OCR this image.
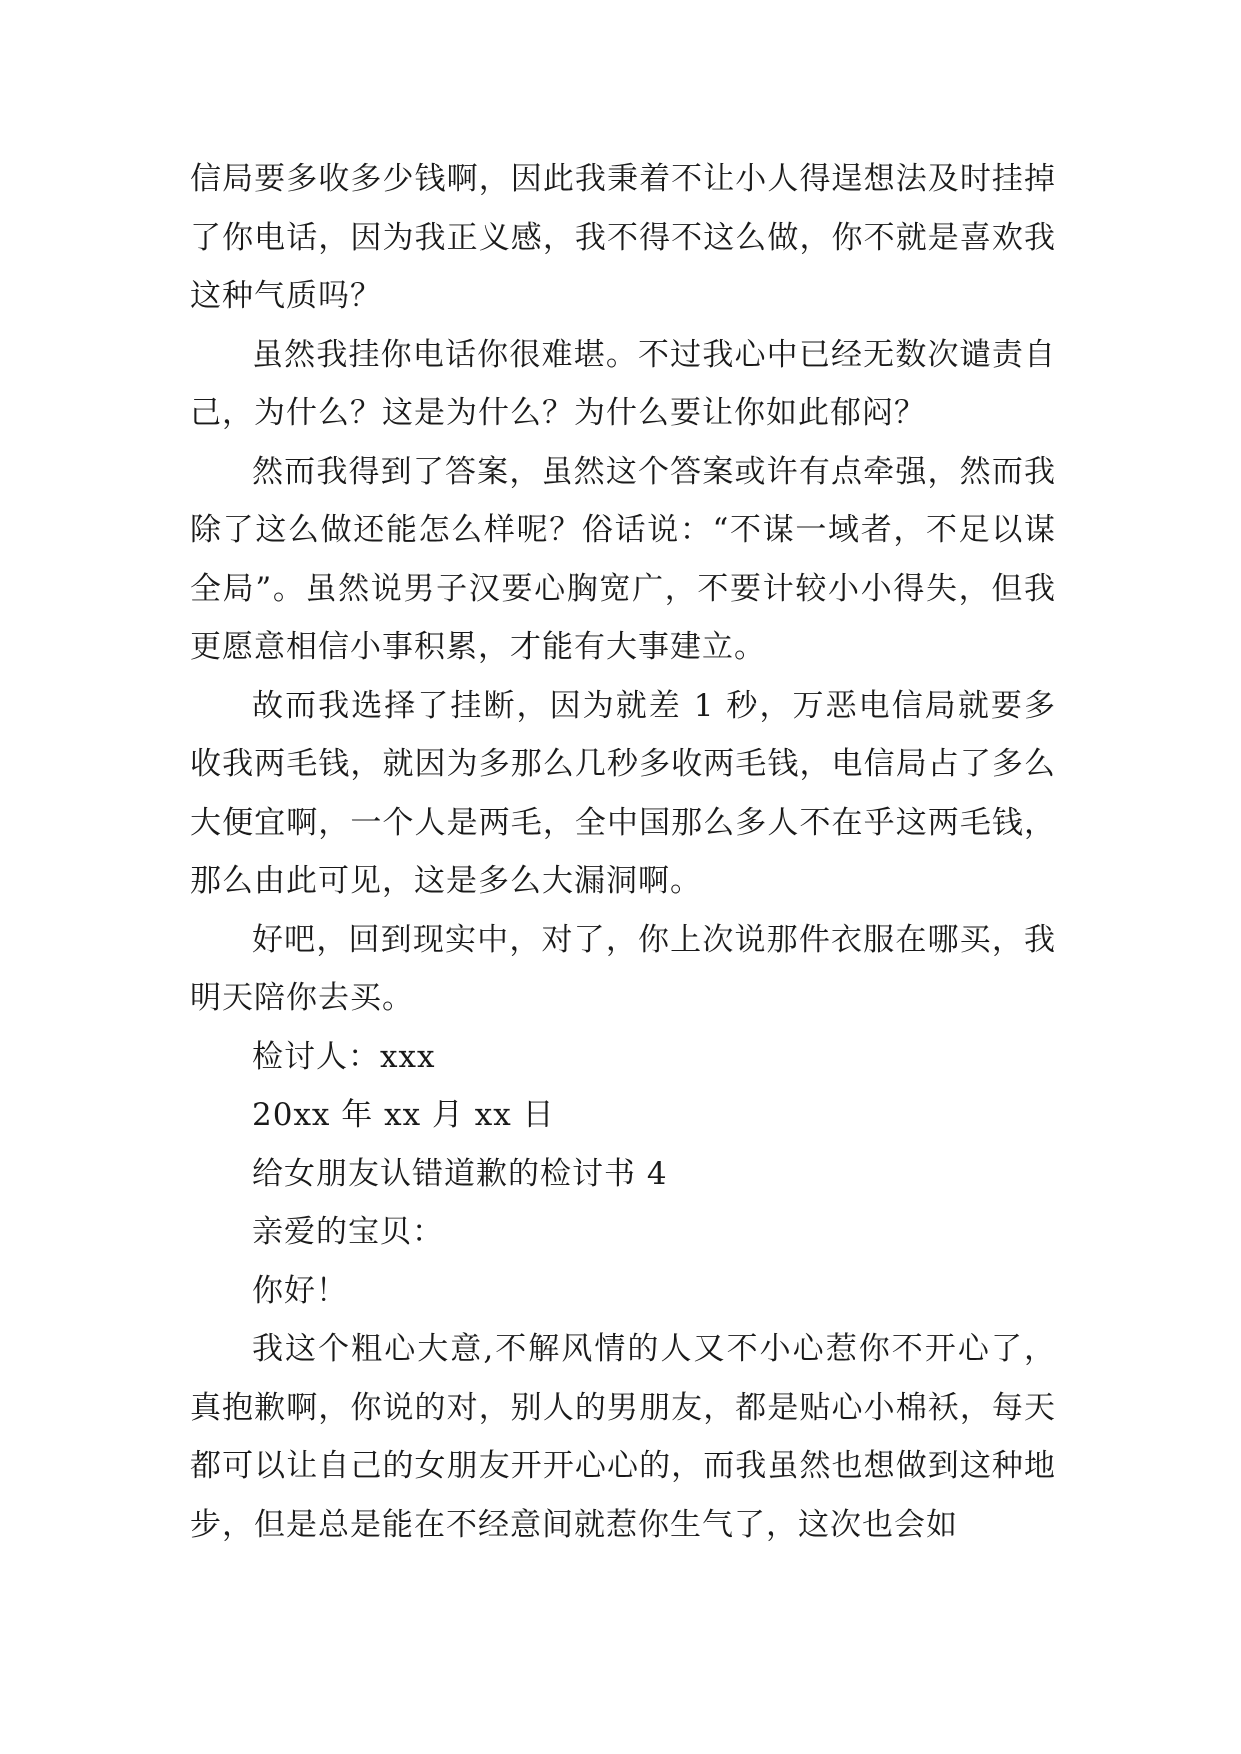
信局要多收多少钱啊，因此我秉着不让小人得逞想法及时挂掉了你电话，因为我正义感，我不得不这么做，你不就是喜欢我这种气质吗？

虽然我挂你电话你很难堪。不过我心中已经无数次谴责自己，为什么？这是为什么？为什么要让你如此郁闷？

然而我得到了答案，虽然这个答案或许有点牵强，然而我除了这么做还能怎么样呢？俗话说：“不谋一域者，不足以谋全局”。虽然说男子汉要心胸宽广，不要计较小小得失，但我更愿意相信小事积累，才能有大事建立。

故而我选择了挂断，因为就差 1 秒，万恶电信局就要多收我两毛钱，就因为多那么几秒多收两毛钱，电信局占了多么大便宜啊，一个人是两毛，全中国那么多人不在乎这两毛钱，那么由此可见，这是多么大漏洞啊。

好吧，回到现实中，对了，你上次说那件衣服在哪买，我明天陪你去买。

检讨人：xxx

20xx 年 xx 月 xx 日

给女朋友认错道歉的检讨书 4

亲爱的宝贝：

你好！

我这个粗心大意,不解风情的人又不小心惹你不开心了，真抱歉啊，你说的对，别人的男朋友，都是贴心小棉袄，每天都可以让自己的女朋友开开心心的，而我虽然也想做到这种地步，但是总是能在不经意间就惹你生气了，这次也会如
